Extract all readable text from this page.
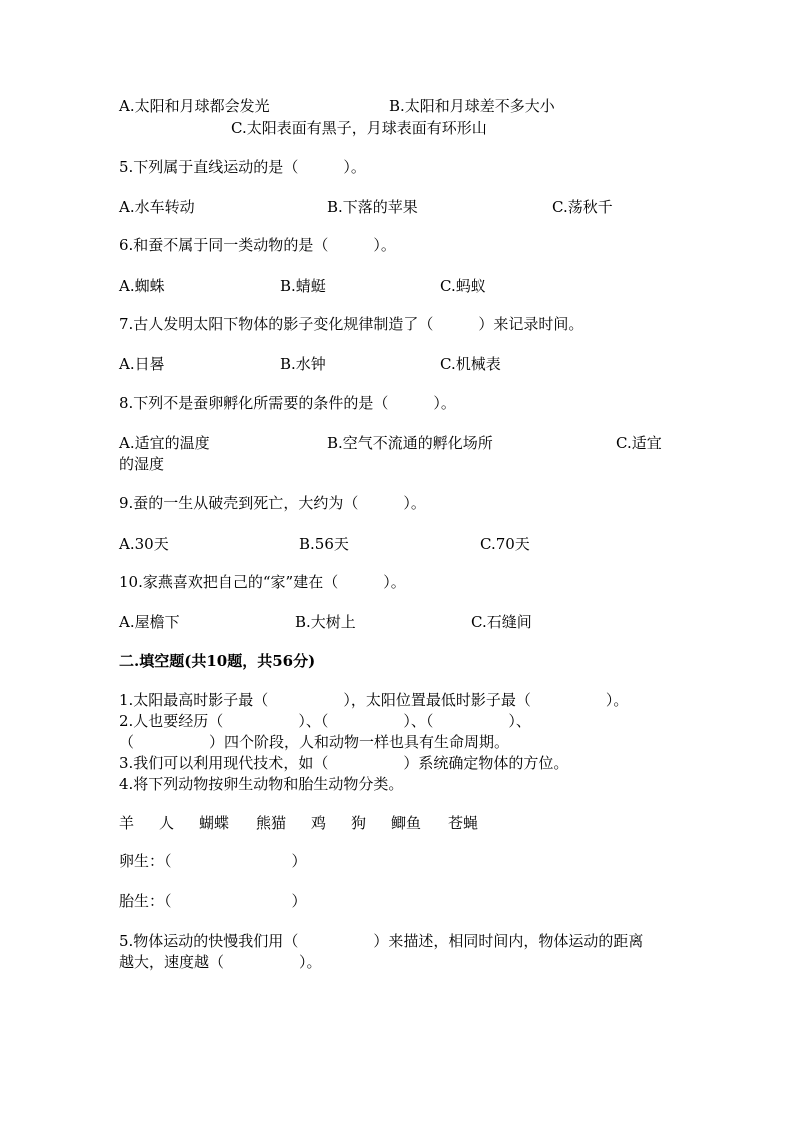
A.太阳和月球都会发光	B.太阳和月球差不多大小
C.太阳表面有黑子，月球表面有环形山
5.下列属于直线运动的是（　　　）。
A.水车转动	B.下落的苹果	C.荡秋千
6.和蚕不属于同一类动物的是（　　　）。
A.蜘蛛	B.蜻蜓	C.蚂蚁
7.古人发明太阳下物体的影子变化规律制造了（　　　）来记录时间。
A.日晷	B.水钟	C.机械表
8.下列不是蚕卵孵化所需要的条件的是（　　　）。
A.适宜的温度	B.空气不流通的孵化场所	C.适宜
的湿度
9.蚕的一生从破壳到死亡，大约为（　　　）。
A.30天	B.56天	C.70天
10.家燕喜欢把自己的“家”建在（　　　）。
A.屋檐下	B.大树上	C.石缝间
二.填空题(共10题，共56分)
1.太阳最高时影子最（　　　　　），太阳位置最低时影子最（　　　　　）。
2.人也要经历（　　　　　）、（　　　　　）、（　　　　　）、
（　　　　　）四个阶段，人和动物一样也具有生命周期。
3.我们可以利用现代技术，如（　　　　　）系统确定物体的方位。
4.将下列动物按卵生动物和胎生动物分类。
羊 人 蝴蝶 熊猫 鸡 狗 鲫鱼 苍蝇
卵生：（　　　　　　　　）
胎生：（　　　　　　　　）
5.物体运动的快慢我们用（　　　　　）来描述，相同时间内，物体运动的距离
越大，速度越（　　　　　）。
